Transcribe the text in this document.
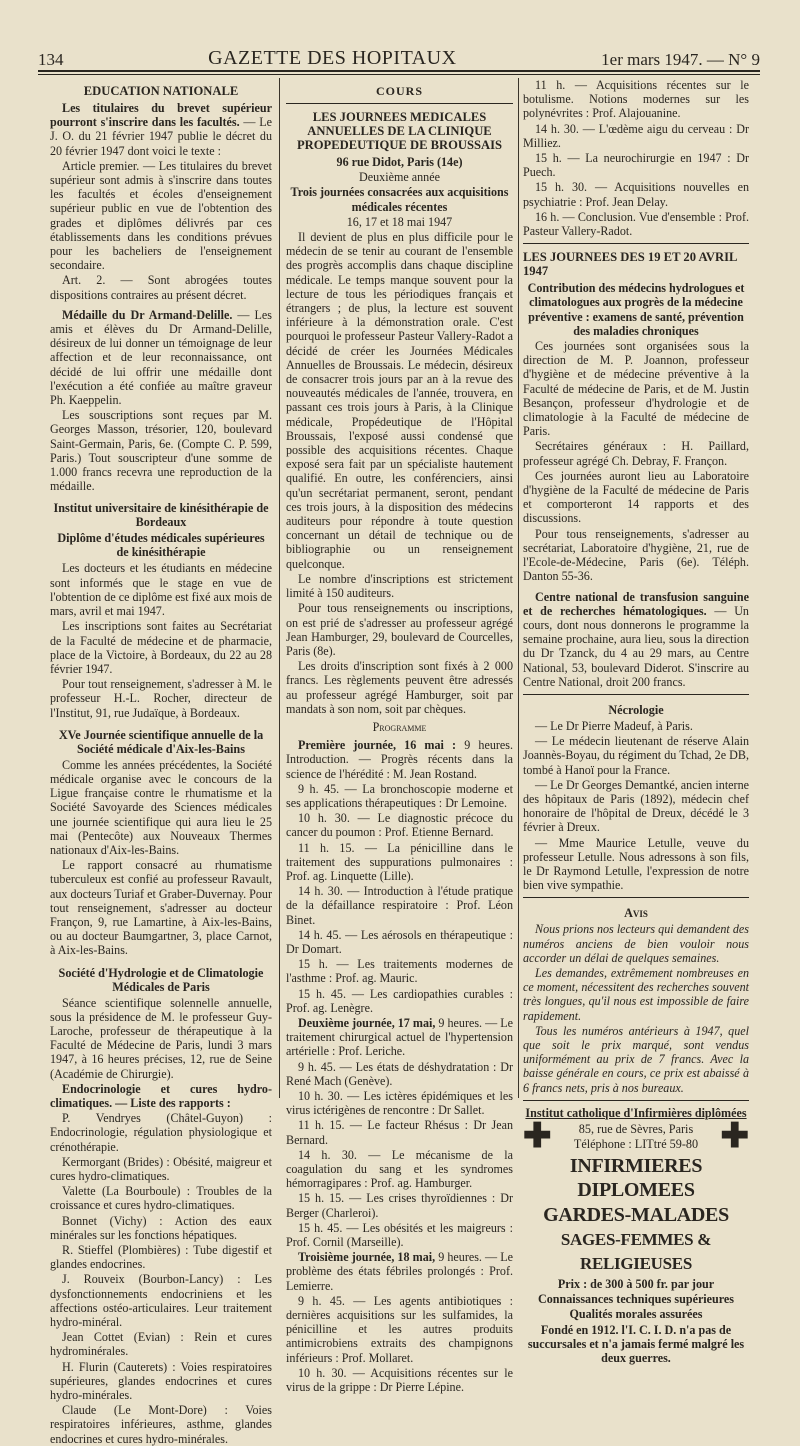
134	GAZETTE DES HOPITAUX	1er mars 1947. — N° 9
EDUCATION NATIONALE

Les titulaires du brevet supérieur pourront s'inscrire dans les facultés. — Le J. O. du 21 février 1947 publie le décret du 20 février 1947 dont voici le texte :

Article premier. — Les titulaires du brevet supérieur sont admis à s'inscrire dans toutes les facultés et écoles d'enseignement supérieur public en vue de l'obtention des grades et diplômes délivrés par ces établissements dans les conditions prévues pour les bacheliers de l'enseignement secondaire.

Art. 2. — Sont abrogées toutes dispositions contraires au présent décret.

Médaille du Dr Armand-Delille. — Les amis et élèves du Dr Armand-Delille, désireux de lui donner un témoignage de leur affection et de leur reconnaissance, ont décidé de lui offrir une médaille dont l'exécution a été confiée au maître graveur Ph. Kaeppelin.

Les souscriptions sont reçues par M. Georges Masson, trésorier, 120, boulevard Saint-Germain, Paris, 6e. (Compte C. P. 599, Paris.) Tout souscripteur d'une somme de 1.000 francs recevra une reproduction de la médaille.

Institut universitaire de kinésithérapie de Bordeaux
Diplôme d'études médicales supérieures de kinésithérapie

Les docteurs et les étudiants en médecine sont informés que le stage en vue de l'obtention de ce diplôme est fixé aux mois de mars, avril et mai 1947.

Les inscriptions sont faites au Secrétariat de la Faculté de médecine et de pharmacie, place de la Victoire, à Bordeaux, du 22 au 28 février 1947.

Pour tout renseignement, s'adresser à M. le professeur H.-L. Rocher, directeur de l'Institut, 91, rue Judaïque, à Bordeaux.

XVe Journée scientifique annuelle de la Société médicale d'Aix-les-Bains

Comme les années précédentes, la Société médicale organise avec le concours de la Ligue française contre le rhumatisme et la Société Savoyarde des Sciences médicales une journée scientifique qui aura lieu le 25 mai (Pentecôte) aux Nouveaux Thermes nationaux d'Aix-les-Bains.

Le rapport consacré au rhumatisme tuberculeux est confié au professeur Ravault, aux docteurs Turiaf et Graber-Duvernay. Pour tout renseignement, s'adresser au docteur Françon, 9, rue Lamartine, à Aix-les-Bains, ou au docteur Baumgartner, 3, place Carnot, à Aix-les-Bains.

Société d'Hydrologie et de Climatologie Médicales de Paris

Séance scientifique solennelle annuelle, sous la présidence de M. le professeur Guy-Laroche, professeur de thérapeutique à la Faculté de Médecine de Paris, lundi 3 mars 1947, à 16 heures précises, 12, rue de Seine (Académie de Chirurgie).

Endocrinologie et cures hydro-climatiques. — Liste des rapports :

P. Vendryes (Châtel-Guyon) : Endocrinologie, régulation physiologique et crénothérapie.

Kermorgant (Brides) : Obésité, maigreur et cures hydro-climatiques.

Valette (La Bourboule) : Troubles de la croissance et cures hydro-climatiques.

Bonnet (Vichy) : Action des eaux minérales sur les fonctions hépatiques.

R. Stieffel (Plombières) : Tube digestif et glandes endocrines.

J. Rouveix (Bourbon-Lancy) : Les dysfonctionnements endocriniens et les affections ostéo-articulaires. Leur traitement hydro-minéral.

Jean Cottet (Evian) : Rein et cures hydrominérales.

H. Flurin (Cauterets) : Voies respiratoires supérieures, glandes endocrines et cures hydro-minérales.

Claude (Le Mont-Dore) : Voies respiratoires inférieures, asthme, glandes endocrines et cures hydro-minérales.

COURS
LES JOURNEES MEDICALES ANNUELLES DE LA CLINIQUE PROPEDEUTIQUE DE BROUSSAIS

96 rue Didot, Paris (14e)

Deuxième année

Trois journées consacrées aux acquisitions médicales récentes

16, 17 et 18 mai 1947

Il devient de plus en plus difficile pour le médecin de se tenir au courant de l'ensemble des progrès accomplis dans chaque discipline médicale. Le temps manque souvent pour la lecture de tous les périodiques français et étrangers ; de plus, la lecture est souvent inférieure à la démonstration orale. C'est pourquoi le professeur Pasteur Vallery-Radot a décidé de créer les Journées Médicales Annuelles de Broussais. Le médecin, désireux de consacrer trois jours par an à la revue des nouveautés médicales de l'année, trouvera, en passant ces trois jours à Paris, à la Clinique médicale, Propédeutique de l'Hôpital Broussais, l'exposé aussi condensé que possible des acquisitions récentes. Chaque exposé sera fait par un spécialiste hautement qualifié. En outre, les conférenciers, ainsi qu'un secrétariat permanent, seront, pendant ces trois jours, à la disposition des médecins auditeurs pour répondre à toute question concernant un détail de technique ou de bibliographie ou un renseignement quelconque.

Le nombre d'inscriptions est strictement limité à 150 auditeurs.

Pour tous renseignements ou inscriptions, on est prié de s'adresser au professeur agrégé Jean Hamburger, 29, boulevard de Courcelles, Paris (8e).

Les droits d'inscription sont fixés à 2 000 francs. Les règlements peuvent être adressés au professeur agrégé Hamburger, soit par mandats à son nom, soit par chèques.

Programme

Première journée, 16 mai : 9 heures. Introduction. — Progrès récents dans la science de l'hérédité : M. Jean Rostand.

9 h. 45. — La bronchoscopie moderne et ses applications thérapeutiques : Dr Lemoine.

10 h. 30. — Le diagnostic précoce du cancer du poumon : Prof. Etienne Bernard.

11 h. 15. — La pénicilline dans le traitement des suppurations pulmonaires : Prof. ag. Linquette (Lille).

14 h. 30. — Introduction à l'étude pratique de la défaillance respiratoire : Prof. Léon Binet.

14 h. 45. — Les aérosols en thérapeutique : Dr Domart.

15 h. — Les traitements modernes de l'asthme : Prof. ag. Mauric.

15 h. 45. — Les cardiopathies curables : Prof. ag. Lenègre.

Deuxième journée, 17 mai, 9 heures. — Le traitement chirurgical actuel de l'hypertension artérielle : Prof. Leriche.

9 h. 45. — Les états de déshydratation : Dr René Mach (Genève).

10 h. 30. — Les ictères épidémiques et les virus ictérigènes de rencontre : Dr Sallet.

11 h. 15. — Le facteur Rhésus : Dr Jean Bernard.

14 h. 30. — Le mécanisme de la coagulation du sang et les syndromes hémorragipares : Prof. ag. Hamburger.

15 h. 15. — Les crises thyroïdiennes : Dr Berger (Charleroi).

15 h. 45. — Les obésités et les maigreurs : Prof. Cornil (Marseille).

Troisième journée, 18 mai, 9 heures. — Le problème des états fébriles prolongés : Prof. Lemierre.

9 h. 45. — Les agents antibiotiques : dernières acquisitions sur les sulfamides, la pénicilline et les autres produits antimicrobiens extraits des champignons inférieurs : Prof. Mollaret.

10 h. 30. — Acquisitions récentes sur le virus de la grippe : Dr Pierre Lépine.

11 h. — Acquisitions récentes sur le botulisme. Notions modernes sur les polynévrites : Prof. Alajouanine.

14 h. 30. — L'œdème aigu du cerveau : Dr Milliez.

15 h. — La neurochirurgie en 1947 : Dr Puech.

15 h. 30. — Acquisitions nouvelles en psychiatrie : Prof. Jean Delay.

16 h. — Conclusion. Vue d'ensemble : Prof. Pasteur Vallery-Radot.

LES JOURNEES DES 19 ET 20 AVRIL 1947

Contribution des médecins hydrologues et climatologues aux progrès de la médecine préventive : examens de santé, prévention des maladies chroniques

Ces journées sont organisées sous la direction de M. P. Joannon, professeur d'hygiène et de médecine préventive à la Faculté de médecine de Paris, et de M. Justin Besançon, professeur d'hydrologie et de climatologie à la Faculté de médecine de Paris.

Secrétaires généraux : H. Paillard, professeur agrégé Ch. Debray, F. Françon.

Ces journées auront lieu au Laboratoire d'hygiène de la Faculté de médecine de Paris et comporteront 14 rapports et des discussions.

Pour tous renseignements, s'adresser au secrétariat, Laboratoire d'hygiène, 21, rue de l'Ecole-de-Médecine, Paris (6e). Téléph. Danton 55-36.

Centre national de transfusion sanguine et de recherches hématologiques. — Un cours, dont nous donnerons le programme la semaine prochaine, aura lieu, sous la direction du Dr Tzanck, du 4 au 29 mars, au Centre National, 53, boulevard Diderot. S'inscrire au Centre National, droit 200 francs.

Nécrologie

— Le Dr Pierre Madeuf, à Paris.

— Le médecin lieutenant de réserve Alain Joannès-Boyau, du régiment du Tchad, 2e DB, tombé à Hanoï pour la France.

— Le Dr Georges Demantké, ancien interne des hôpitaux de Paris (1892), médecin chef honoraire de l'hôpital de Dreux, décédé le 3 février à Dreux.

— Mme Maurice Letulle, veuve du professeur Letulle. Nous adressons à son fils, le Dr Raymond Letulle, l'expression de notre bien vive sympathie.

Avis

Nous prions nos lecteurs qui demandent des numéros anciens de bien vouloir nous accorder un délai de quelques semaines.

Les demandes, extrêmement nombreuses en ce moment, nécessitent des recherches souvent très longues, qu'il nous est impossible de faire rapidement.

Tous les numéros antérieurs à 1947, quel que soit le prix marqué, sont vendus uniformément au prix de 7 francs. Avec la baisse générale en cours, ce prix est abaissé à 6 francs nets, pris à nos bureaux.

Institut catholique d'Infirmières diplômées

✚	85, rue de Sèvres, Paris
Téléphone : LITtré 59-80 ✚

INFIRMIERES DIPLOMEES

GARDES-MALADES

SAGES-FEMMES & RELIGIEUSES

Prix : de 300 à 500 fr. par jour

Connaissances techniques supérieures

Qualités morales assurées

Fondé en 1912. l'I. C. I. D. n'a pas de succursales et n'a jamais fermé malgré les deux guerres.
